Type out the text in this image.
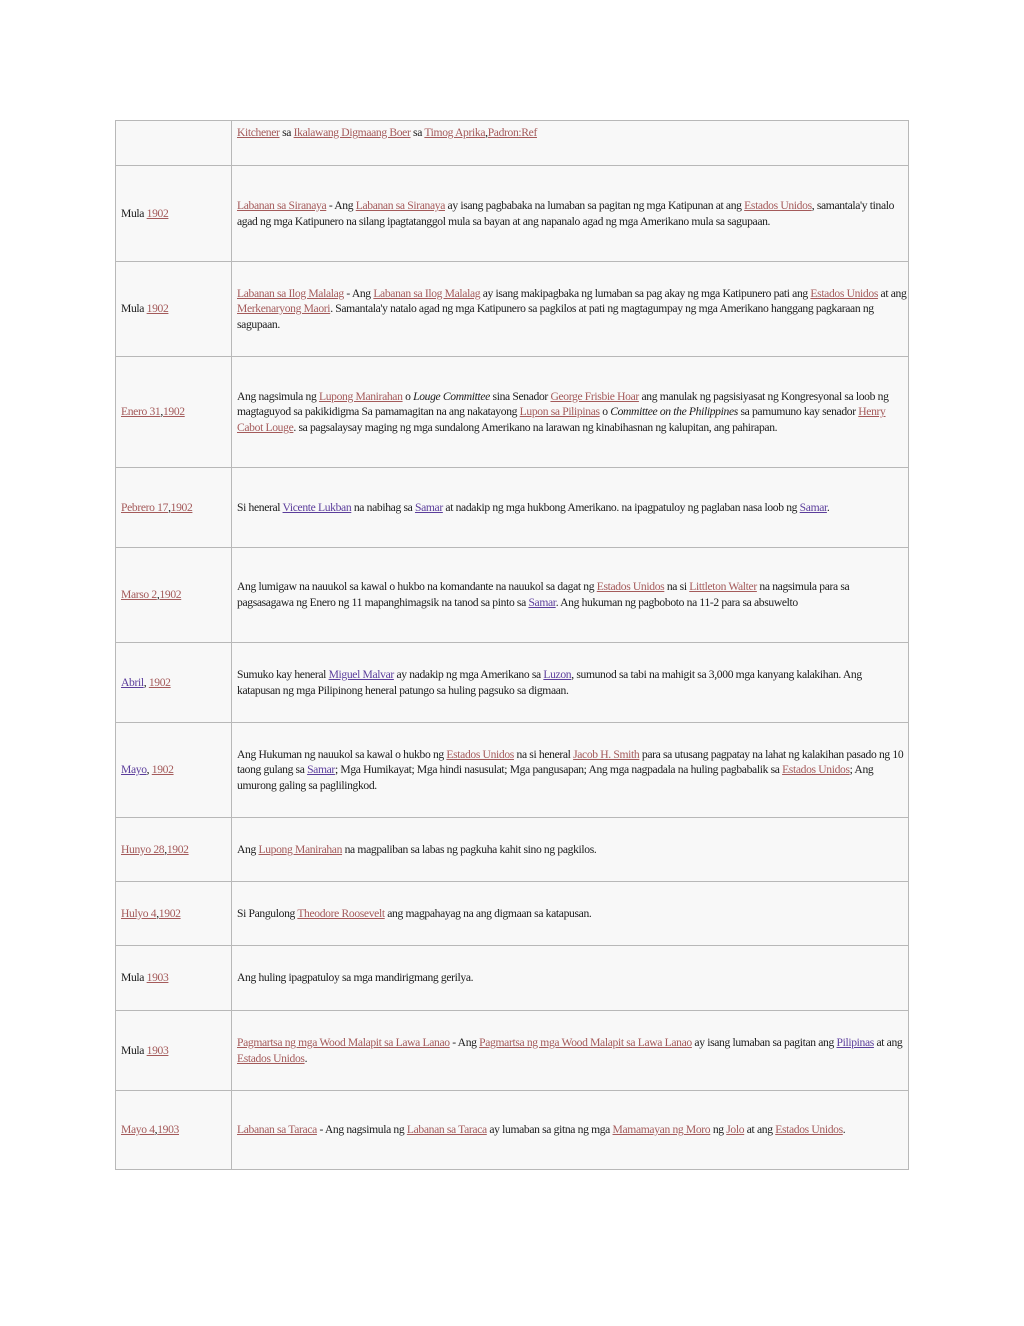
	Kitchener sa Ikalawang Digmaang Boer sa Timog Aprika,Padron:Ref
Mula 1902	Labanan sa Siranaya - Ang Labanan sa Siranaya ay isang pagbabaka na lumaban sa pagitan ng mga Katipunan at ang Estados Unidos, samantala'y tinalo agad ng mga Katipunero na silang ipagtatanggol mula sa bayan at ang napanalo agad ng mga Amerikano mula sa sagupaan.
Mula 1902	Labanan sa Ilog Malalag - Ang Labanan sa Ilog Malalag ay isang makipagbaka ng lumaban sa pag akay ng mga Katipunero pati ang Estados Unidos at ang Merkenaryong Maori. Samantala'y natalo agad ng mga Katipunero sa pagkilos at pati ng magtagumpay ng mga Amerikano hanggang pagkaraan ng sagupaan.
Enero 31,1902	Ang nagsimula ng Lupong Manirahan o Louge Committee sina Senador George Frisbie Hoar ang manulak ng pagsisiyasat ng Kongresyonal sa loob ng magtaguyod sa pakikidigma Sa pamamagitan na ang nakatayong Lupon sa Pilipinas o Committee on the Philippines sa pamumuno kay senador Henry Cabot Louge. sa pagsalaysay maging ng mga sundalong Amerikano na larawan ng kinabihasnan ng kalupitan, ang pahirapan.
Pebrero 17,1902	Si heneral Vicente Lukban na nabihag sa Samar at nadakip ng mga hukbong Amerikano. na ipagpatuloy ng paglaban nasa loob ng Samar.
Marso 2,1902	Ang lumigaw na nauukol sa kawal o hukbo na komandante na nauukol sa dagat ng Estados Unidos na si Littleton Walter na nagsimula para sa pagsasagawa ng Enero ng 11 mapanghimagsik na tanod sa pinto sa Samar. Ang hukuman ng pagboboto na 11-2 para sa absuwelto
Abril, 1902	Sumuko kay heneral Miguel Malvar ay nadakip ng mga Amerikano sa Luzon, sumunod sa tabi na mahigit sa 3,000 mga kanyang kalakihan. Ang katapusan ng mga Pilipinong heneral patungo sa huling pagsuko sa digmaan.
Mayo, 1902	Ang Hukuman ng nauukol sa kawal o hukbo ng Estados Unidos na si heneral Jacob H. Smith para sa utusang pagpatay na lahat ng kalakihan pasado ng 10 taong gulang sa Samar; Mga Humikayat; Mga hindi nasusulat; Mga pangusapan; Ang mga nagpadala na huling pagbabalik sa Estados Unidos; Ang umurong galing sa paglilingkod.
Hunyo 28,1902	Ang Lupong Manirahan na magpaliban sa labas ng pagkuha kahit sino ng pagkilos.
Hulyo 4,1902	Si Pangulong Theodore Roosevelt ang magpahayag na ang digmaan sa katapusan.
Mula 1903	Ang huling ipagpatuloy sa mga mandirigmang gerilya.
Mula 1903	Pagmartsa ng mga Wood Malapit sa Lawa Lanao - Ang Pagmartsa ng mga Wood Malapit sa Lawa Lanao ay isang lumaban sa pagitan ang Pilipinas at ang Estados Unidos.
Mayo 4,1903	Labanan sa Taraca - Ang nagsimula ng Labanan sa Taraca ay lumaban sa gitna ng mga Mamamayan ng Moro ng Jolo at ang Estados Unidos.
